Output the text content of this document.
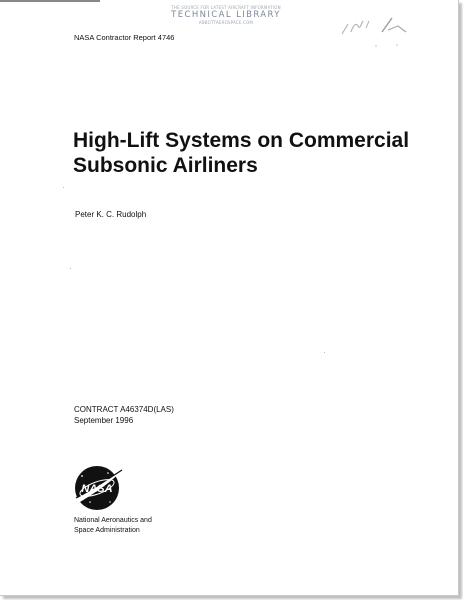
THE SOURCE FOR LATEST AIRCRAFT INFORMATION
TECHNICAL LIBRARY
ABBOTTAEROSPACE.COM
NASA Contractor Report 4746
High-Lift Systems on Commercial
Subsonic Airliners
Peter K. C. Rudolph
CONTRACT A46374D(LAS)
September 1996
NASA
National Aeronautics and
Space Administration
